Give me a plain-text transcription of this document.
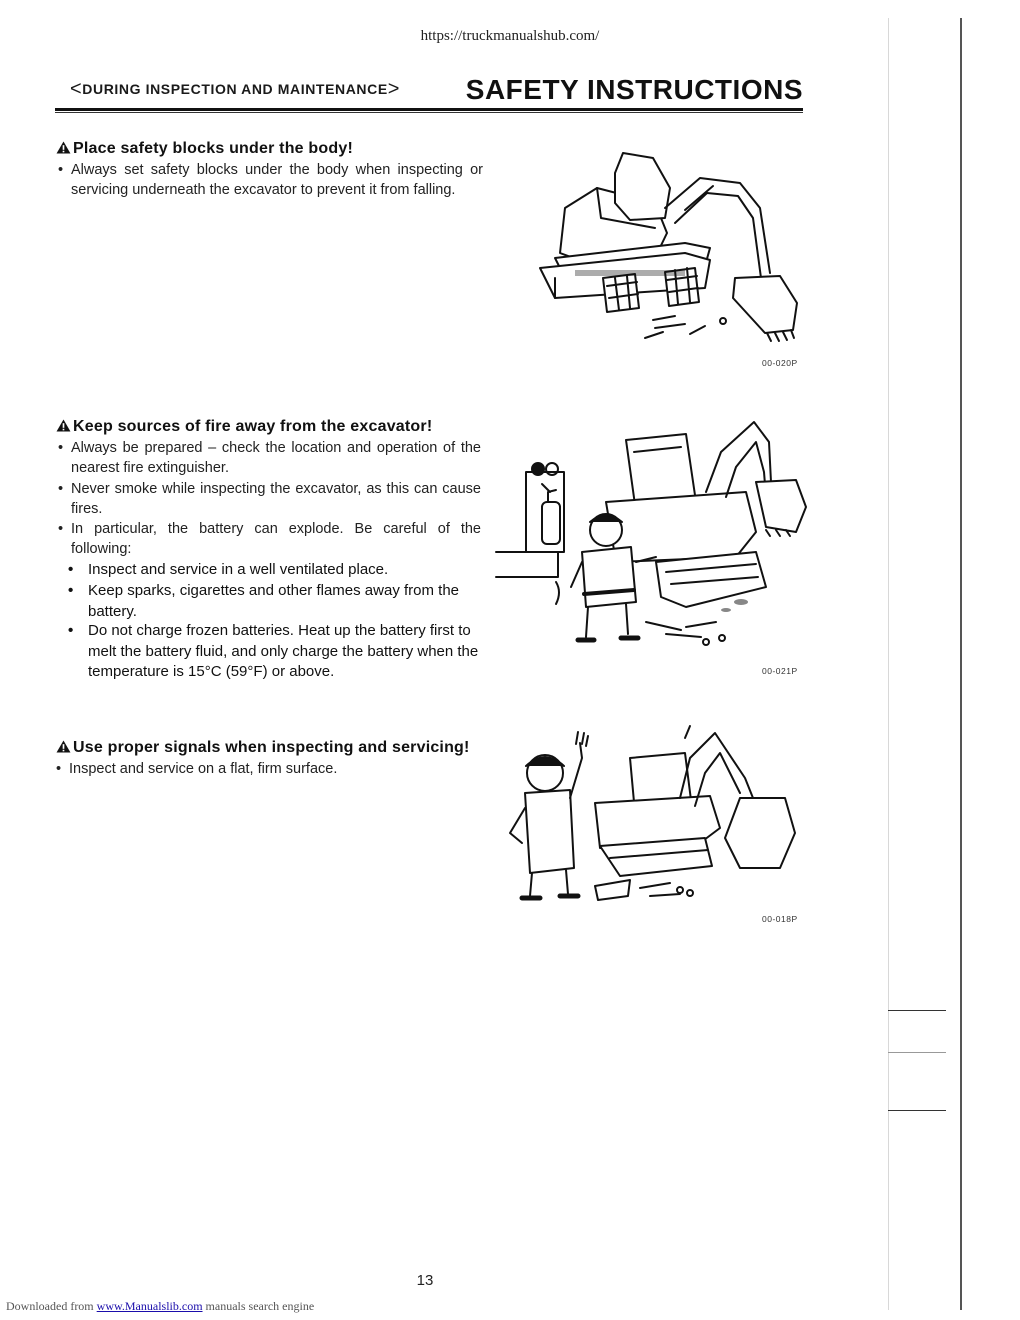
https://truckmanualshub.com/
<DURING INSPECTION AND MAINTENANCE> SAFETY INSTRUCTIONS
Place safety blocks under the body!
• Always set safety blocks under the body when inspecting or servicing underneath the excavator to prevent it from falling.
00-020P
Keep sources of fire away from the excavator!
• Always be prepared – check the location and operation of the nearest fire extinguisher.
• Never smoke while inspecting the excavator, as this can cause fires.
• In particular, the battery can explode. Be careful of the following:
• Inspect and service in a well ventilated place.
• Keep sparks, cigarettes and other flames away from the battery.
• Do not charge frozen batteries. Heat up the battery first to melt the battery fluid, and only charge the battery when the temperature is 15°C (59°F) or above.	00-021P
Use proper signals when inspecting and servicing!
• Inspect and service on a flat, firm surface.
00-018P
13
Downloaded from www.Manualslib.com manuals search engine
